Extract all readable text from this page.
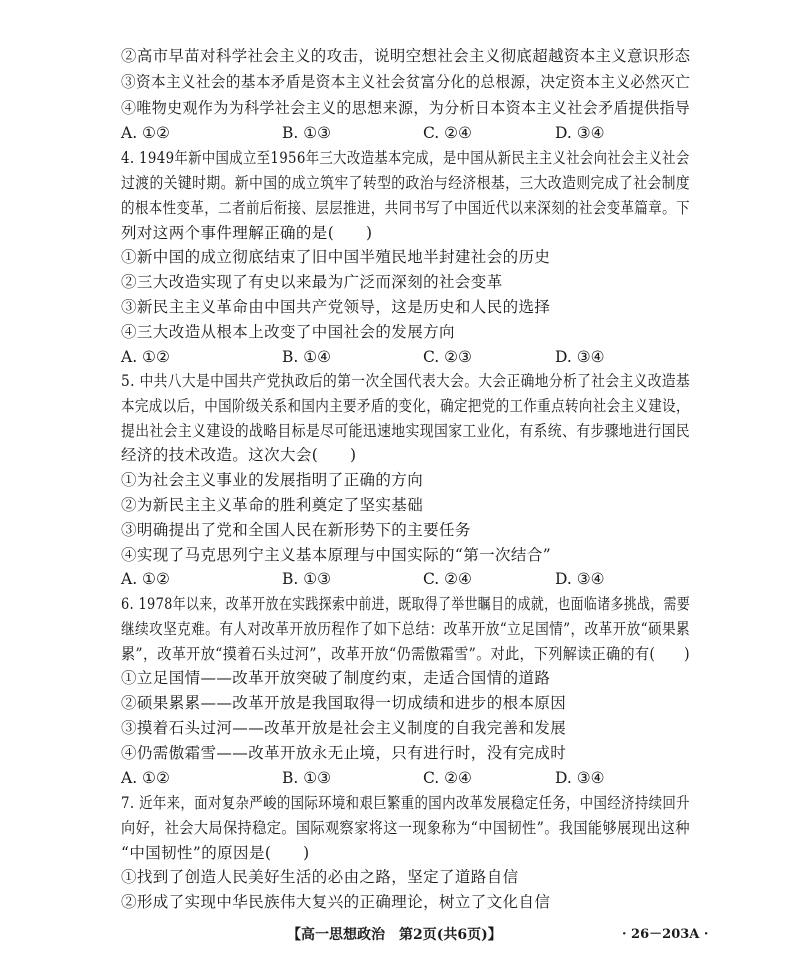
②高市早苗对科学社会主义的攻击，说明空想社会主义彻底超越资本主义意识形态
③资本主义社会的基本矛盾是资本主义社会贫富分化的总根源，决定资本主义必然灭亡
④唯物史观作为为科学社会主义的思想来源，为分析日本资本主义社会矛盾提供指导
A. ①②	B. ①③	C. ②④	D. ③④
4. 1949年新中国成立至1956年三大改造基本完成，是中国从新民主主义社会向社会主义社会
过渡的关键时期。新中国的成立筑牢了转型的政治与经济根基，三大改造则完成了社会制度
的根本性变革，二者前后衔接、层层推进，共同书写了中国近代以来深刻的社会变革篇章。下
列对这两个事件理解正确的是(　　)
①新中国的成立彻底结束了旧中国半殖民地半封建社会的历史
②三大改造实现了有史以来最为广泛而深刻的社会变革
③新民主主义革命由中国共产党领导，这是历史和人民的选择
④三大改造从根本上改变了中国社会的发展方向
A. ①②	B. ①④	C. ②③	D. ③④
5. 中共八大是中国共产党执政后的第一次全国代表大会。大会正确地分析了社会主义改造基
本完成以后，中国阶级关系和国内主要矛盾的变化，确定把党的工作重点转向社会主义建设，
提出社会主义建设的战略目标是尽可能迅速地实现国家工业化，有系统、有步骤地进行国民
经济的技术改造。这次大会(　　)
①为社会主义事业的发展指明了正确的方向
②为新民主主义革命的胜利奠定了坚实基础
③明确提出了党和全国人民在新形势下的主要任务
④实现了马克思列宁主义基本原理与中国实际的“第一次结合”
A. ①②	B. ①③	C. ②④	D. ③④
6. 1978年以来，改革开放在实践探索中前进，既取得了举世瞩目的成就，也面临诸多挑战，需要
继续攻坚克难。有人对改革开放历程作了如下总结：改革开放“立足国情”，改革开放“硕果累
累”，改革开放“摸着石头过河”，改革开放“仍需傲霜雪”。对此，下列解读正确的有(　　)
①立足国情——改革开放突破了制度约束，走适合国情的道路
②硕果累累——改革开放是我国取得一切成绩和进步的根本原因
③摸着石头过河——改革开放是社会主义制度的自我完善和发展
④仍需傲霜雪——改革开放永无止境，只有进行时，没有完成时
A. ①②	B. ①③	C. ②④	D. ③④
7. 近年来，面对复杂严峻的国际环境和艰巨繁重的国内改革发展稳定任务，中国经济持续回升
向好，社会大局保持稳定。国际观察家将这一现象称为“中国韧性”。我国能够展现出这种
“中国韧性”的原因是(　　)
①找到了创造人民美好生活的必由之路，坚定了道路自信
②形成了实现中华民族伟大复兴的正确理论，树立了文化自信
【高一思想政治　第2页(共6页)】	· 26－203A ·
